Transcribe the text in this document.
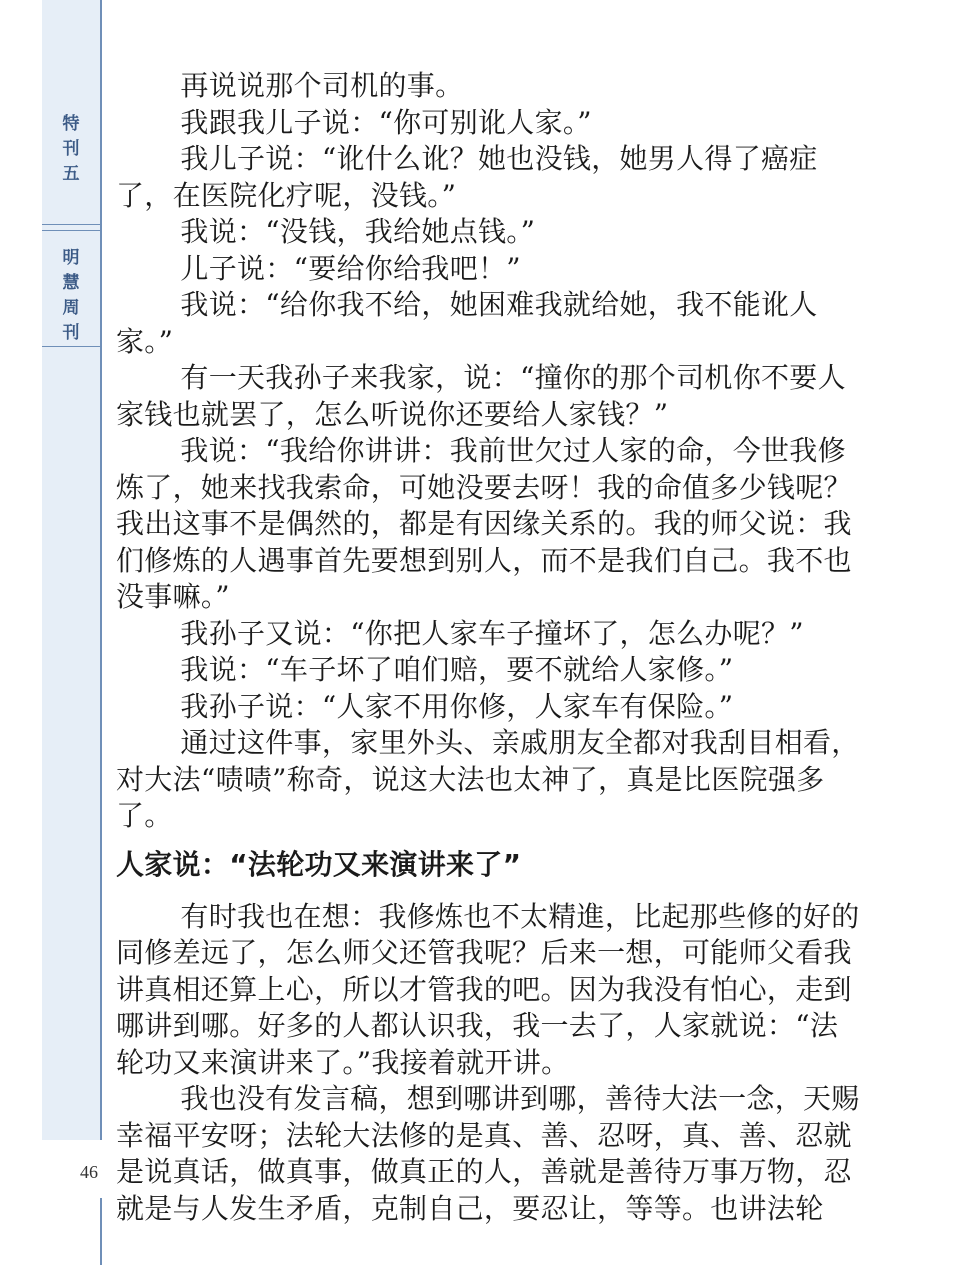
特
刊
五
明
慧
周
刊
46

再说说那个司机的事。

我跟我儿子说：“你可别讹人家。”

我儿子说：“讹什么讹？她也没钱，她男人得了癌症了，在医院化疗呢，没钱。”

我说：“没钱，我给她点钱。”

儿子说：“要给你给我吧！”

我说：“给你我不给，她困难我就给她，我不能讹人家。”

有一天我孙子来我家，说：“撞你的那个司机你不要人家钱也就罢了，怎么听说你还要给人家钱？”

我说：“我给你讲讲：我前世欠过人家的命，今世我修炼了，她来找我索命，可她没要去呀！我的命值多少钱呢？我出这事不是偶然的，都是有因缘关系的。我的师父说：我们修炼的人遇事首先要想到别人，而不是我们自己。我不也没事嘛。”

我孙子又说：“你把人家车子撞坏了，怎么办呢？”

我说：“车子坏了咱们赔，要不就给人家修。”

我孙子说：“人家不用你修，人家车有保险。”

通过这件事，家里外头、亲戚朋友全都对我刮目相看，对大法“啧啧”称奇，说这大法也太神了，真是比医院强多了。

人家说：“法轮功又来演讲来了”

有时我也在想：我修炼也不太精進，比起那些修的好的同修差远了，怎么师父还管我呢？后来一想，可能师父看我讲真相还算上心，所以才管我的吧。因为我没有怕心，走到哪讲到哪。好多的人都认识我，我一去了，人家就说：“法轮功又来演讲来了。”我接着就开讲。

我也没有发言稿，想到哪讲到哪，善待大法一念，天赐幸福平安呀；法轮大法修的是真、善、忍呀，真、善、忍就是说真话，做真事，做真正的人，善就是善待万事万物，忍就是与人发生矛盾，克制自己，要忍让，等等。也讲法轮
